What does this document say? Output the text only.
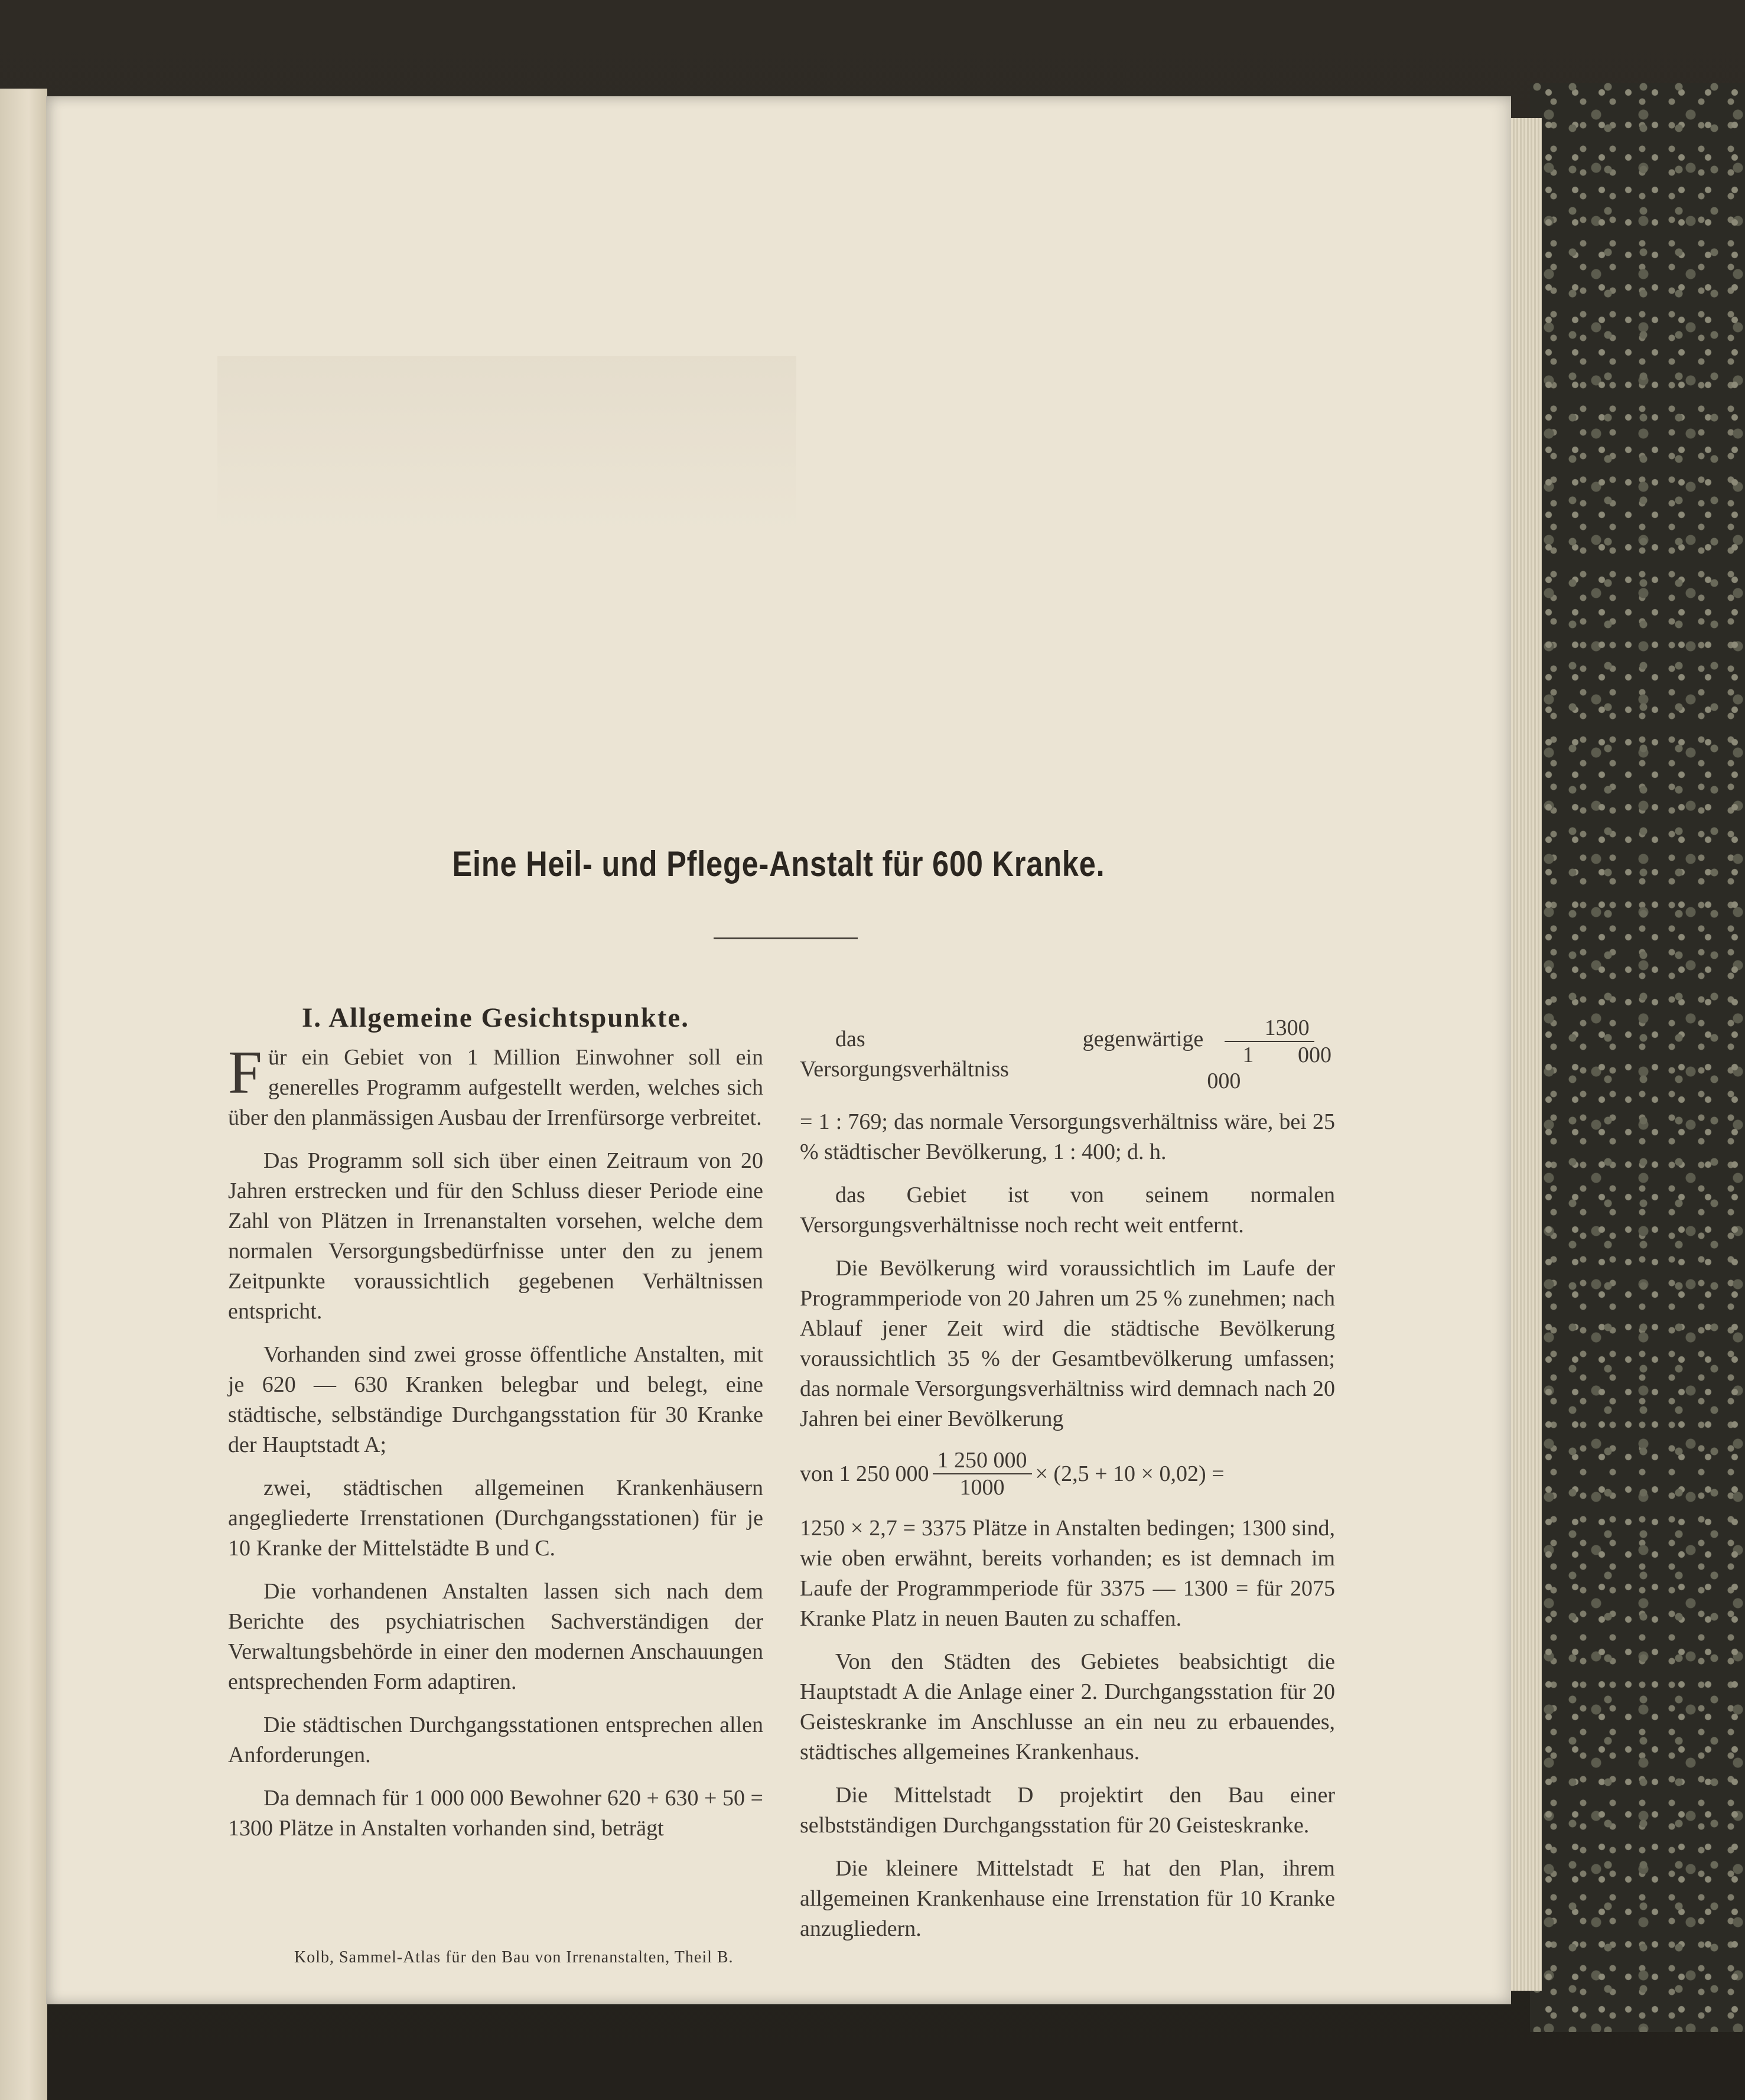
Eine Heil- und Pflege-Anstalt für 600 Kranke.
I. Allgemeine Gesichtspunkte.

F ür ein Gebiet von 1 Million Einwohner soll ein generelles Programm aufgestellt werden, welches sich über den planmässigen Ausbau der Irrenfürsorge verbreitet.

Das Programm soll sich über einen Zeitraum von 20 Jahren erstrecken und für den Schluss dieser Periode eine Zahl von Plätzen in Irrenanstalten vorsehen, welche dem normalen Versorgungsbedürfnisse unter den zu jenem Zeitpunkte voraussichtlich gegebenen Verhältnissen entspricht.

Vorhanden sind zwei grosse öffentliche Anstalten, mit je 620 — 630 Kranken belegbar und belegt, eine städtische, selbständige Durchgangsstation für 30 Kranke der Hauptstadt A;

zwei, städtischen allgemeinen Krankenhäusern angegliederte Irrenstationen (Durchgangsstationen) für je 10 Kranke der Mittelstädte B und C.

Die vorhandenen Anstalten lassen sich nach dem Berichte des psychiatrischen Sachverständigen der Verwaltungsbehörde in einer den modernen Anschauungen entsprechenden Form adaptiren.

Die städtischen Durchgangsstationen entsprechen allen Anforderungen.

Da demnach für 1 000 000 Bewohner 620 + 630 + 50 = 1300 Plätze in Anstalten vorhanden sind, beträgt

das gegenwärtige Versorgungsverhältniss	$\frac{1300}{1 000 000}$

= 1 : 769; das normale Versorgungsverhältniss wäre, bei 25 % städtischer Bevölkerung, 1 : 400; d. h.

das Gebiet ist von seinem normalen Versorgungsverhältnisse noch recht weit entfernt.

Die Bevölkerung wird voraussichtlich im Laufe der Programmperiode von 20 Jahren um 25 % zunehmen; nach Ablauf jener Zeit wird die städtische Bevölkerung voraussichtlich 35 % der Gesamtbevölkerung umfassen; das normale Versorgungsverhältniss wird demnach nach 20 Jahren bei einer Bevölkerung

von 1 250 $000 \frac{1 250 000}{1000} \times (2,5 + 10 \times 0,02)$ =

1250 × 2,7 = 3375 Plätze in Anstalten bedingen; 1300 sind, wie oben erwähnt, bereits vorhanden; es ist demnach im Laufe der Programmperiode für 3375 — 1300 = für 2075 Kranke Platz in neuen Bauten zu schaffen.

Von den Städten des Gebietes beabsichtigt die Hauptstadt A die Anlage einer 2. Durchgangsstation für 20 Geisteskranke im Anschlusse an ein neu zu erbauendes, städtisches allgemeines Krankenhaus.

Die Mittelstadt D projektirt den Bau einer selbstständigen Durchgangsstation für 20 Geisteskranke.

Die kleinere Mittelstadt E hat den Plan, ihrem allgemeinen Krankenhause eine Irrenstation für 10 Kranke anzugliedern.

Kolb, Sammel-Atlas für den Bau von Irrenanstalten, Theil B.
